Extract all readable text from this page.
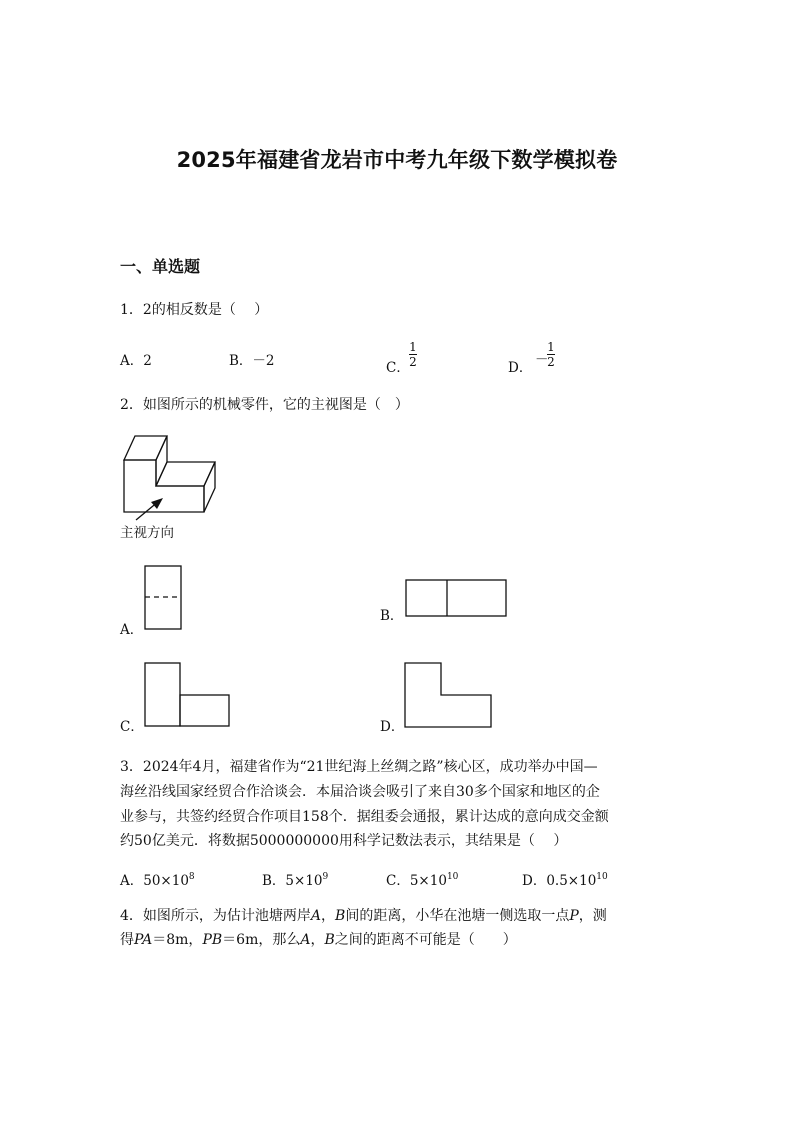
2025年福建省龙岩市中考九年级下数学模拟卷
一、单选题
1．2的相反数是（　 ）
A．2	B．－2	C．
1
2	D． －
1
2
2．如图所示的机械零件，它的主视图是（　）
主视方向
A．
B．
C．	D．
3．2024年4月，福建省作为“21世纪海上丝绸之路”核心区，成功举办中国—
海丝沿线国家经贸合作洽谈会．本届洽谈会吸引了来自30多个国家和地区的企
业参与，共签约经贸合作项目158个．据组委会通报，累计达成的意向成交金额
约50亿美元．将数据5000000000用科学记数法表示，其结果是（　 ）
A．$50\times 10^8$	B．$5\times 10^9$	C．$5\times 10^{10}$	D．$0.5\times 10^{10}$
4．如图所示，为估计池塘两岸A，B间的距离，小华在池塘一侧选取一点P，测
得PA＝8m，PB＝6m，那么A，B之间的距离不可能是（　　）
